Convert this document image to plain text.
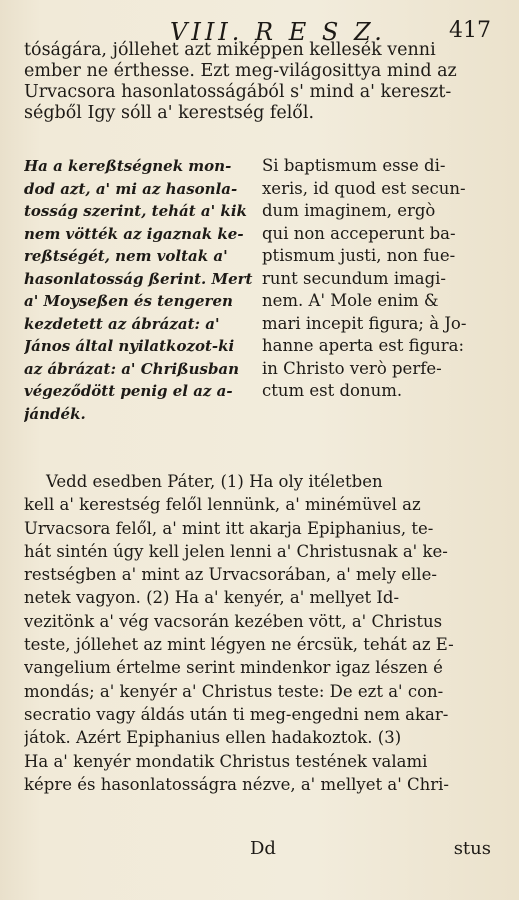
VIII. R E S Z.	417
tóságára, jóllehet azt miképpen kellesék venni
ember ne érthesse. Ezt meg-világosittya mind az
Urvacsora hasonlatosságából s' mind a' kereszt-
ségből Igy sóll a' kerestség felől.
Ha a kereßtségnek mon-
dod azt, a' mi az hasonla-
tosság szerint, tehát a' kik
nem vötték az igaznak ke-
reßtségét, nem voltak a'
hasonlatosság ßerint. Mert
a' Moyseßen és tengeren
kezdetett az ábrázat: a'
János által nyilatkozot-ki
az ábrázat: a' Chrißusban
végeződött penig el az a-
jándék.
Si baptismum esse di-
xeris, id quod est secun-
dum imaginem, ergò
qui non acceperunt ba-
ptismum justi, non fue-
runt secundum imagi-
nem. A' Mole enim &
mari incepit figura; à Jo-
hanne aperta est figura:
in Christo verò perfe-
ctum est donum.
Vedd esedben Páter, (1) Ha oly itéletben
kell a' kerestség felől lennünk, a' minémüvel az
Urvacsora felől, a' mint itt akarja Epiphanius, te-
hát sintén úgy kell jelen lenni a' Christusnak a' ke-
restségben a' mint az Urvacsorában, a' mely elle-
netek vagyon. (2) Ha a' kenyér, a' mellyet Id-
vezitönk a' vég vacsorán kezében vött, a' Christus
teste, jóllehet az mint légyen ne ércsük, tehát az E-
vangelium értelme serint mindenkor igaz lészen é
mondás; a' kenyér a' Christus teste: De ezt a' con-
secratio vagy áldás után ti meg-engedni nem akar-
játok. Azért Epiphanius ellen hadakoztok. (3)
Ha a' kenyér mondatik Christus testének valami
képre és hasonlatosságra nézve, a' mellyet a' Chri-
Dd	stus
